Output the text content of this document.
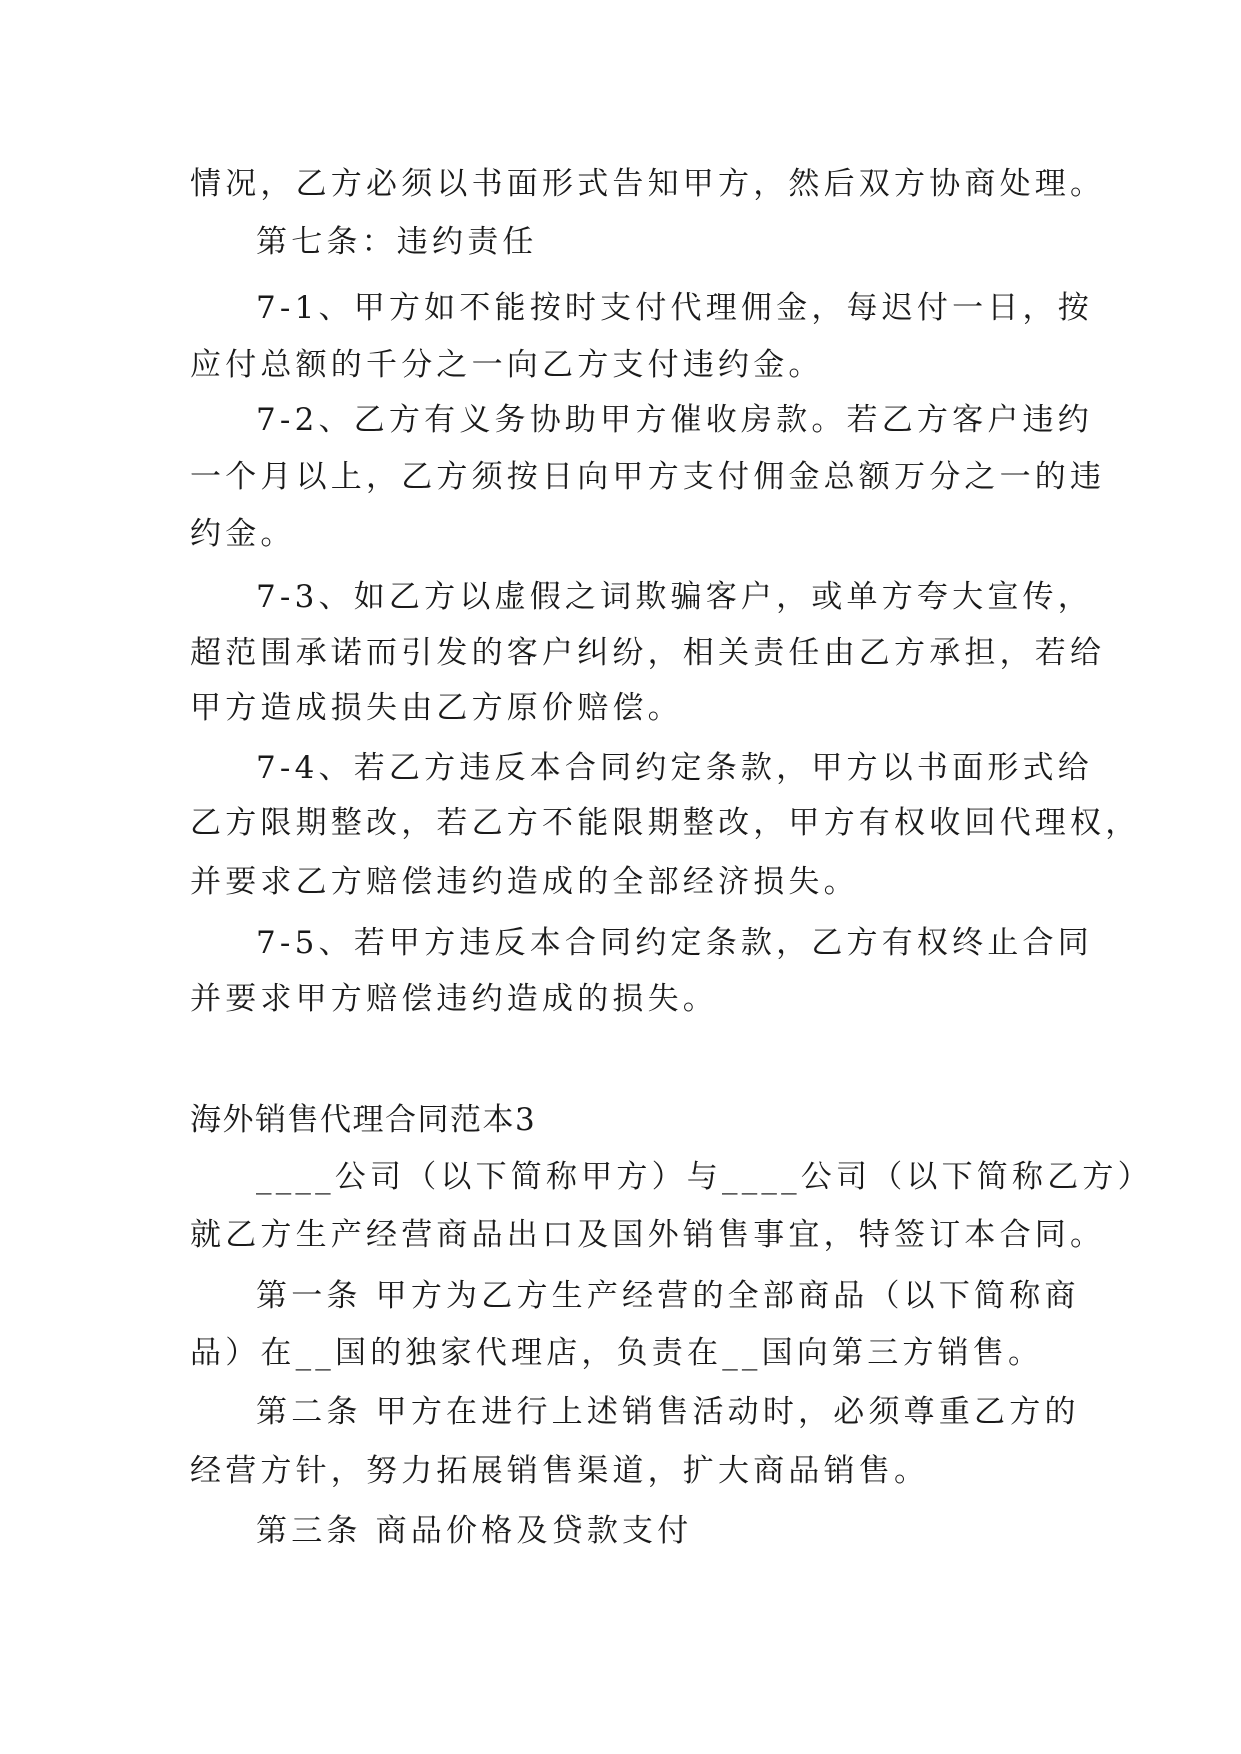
情况，乙方必须以书面形式告知甲方，然后双方协商处理。
第七条：违约责任
7-1、甲方如不能按时支付代理佣金，每迟付一日，按
应付总额的千分之一向乙方支付违约金。
7-2、乙方有义务协助甲方催收房款。若乙方客户违约
一个月以上，乙方须按日向甲方支付佣金总额万分之一的违
约金。
7-3、如乙方以虚假之词欺骗客户，或单方夸大宣传，
超范围承诺而引发的客户纠纷，相关责任由乙方承担，若给
甲方造成损失由乙方原价赔偿。
7-4、若乙方违反本合同约定条款，甲方以书面形式给
乙方限期整改，若乙方不能限期整改，甲方有权收回代理权，
并要求乙方赔偿违约造成的全部经济损失。
7-5、若甲方违反本合同约定条款，乙方有权终止合同
并要求甲方赔偿违约造成的损失。
海外销售代理合同范本3
____公司（以下简称甲方）与____公司（以下简称乙方）
就乙方生产经营商品出口及国外销售事宜，特签订本合同。
第一条 甲方为乙方生产经营的全部商品（以下简称商
品）在__国的独家代理店，负责在__国向第三方销售。
第二条 甲方在进行上述销售活动时，必须尊重乙方的
经营方针，努力拓展销售渠道，扩大商品销售。
第三条 商品价格及贷款支付
